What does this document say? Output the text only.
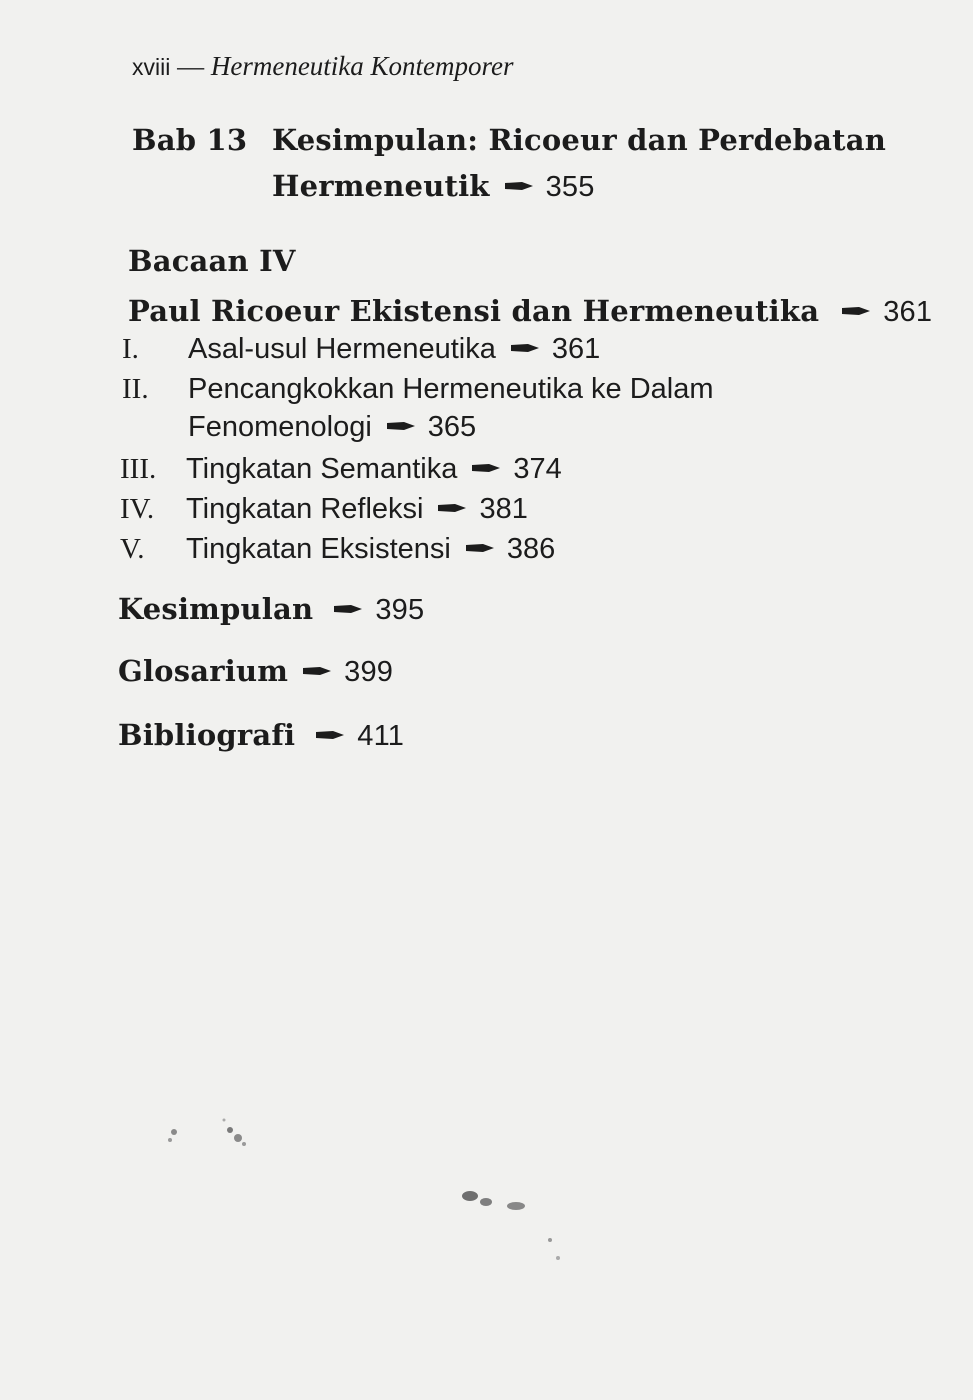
xviii — Hermeneutika Kontemporer
Bab 13 Kesimpulan: Ricoeur dan Perdebatan
Hermeneutik 355
Bacaan IV
Paul Ricoeur Ekistensi dan Hermeneutika 361
I. Asal-usul Hermeneutika 361
II. Pencangkokkan Hermeneutika ke Dalam
Fenomenologi 365
III. Tingkatan Semantika 374
IV. Tingkatan Refleksi 381
V. Tingkatan Eksistensi 386
Kesimpulan 395
Glosarium 399
Bibliografi 411
